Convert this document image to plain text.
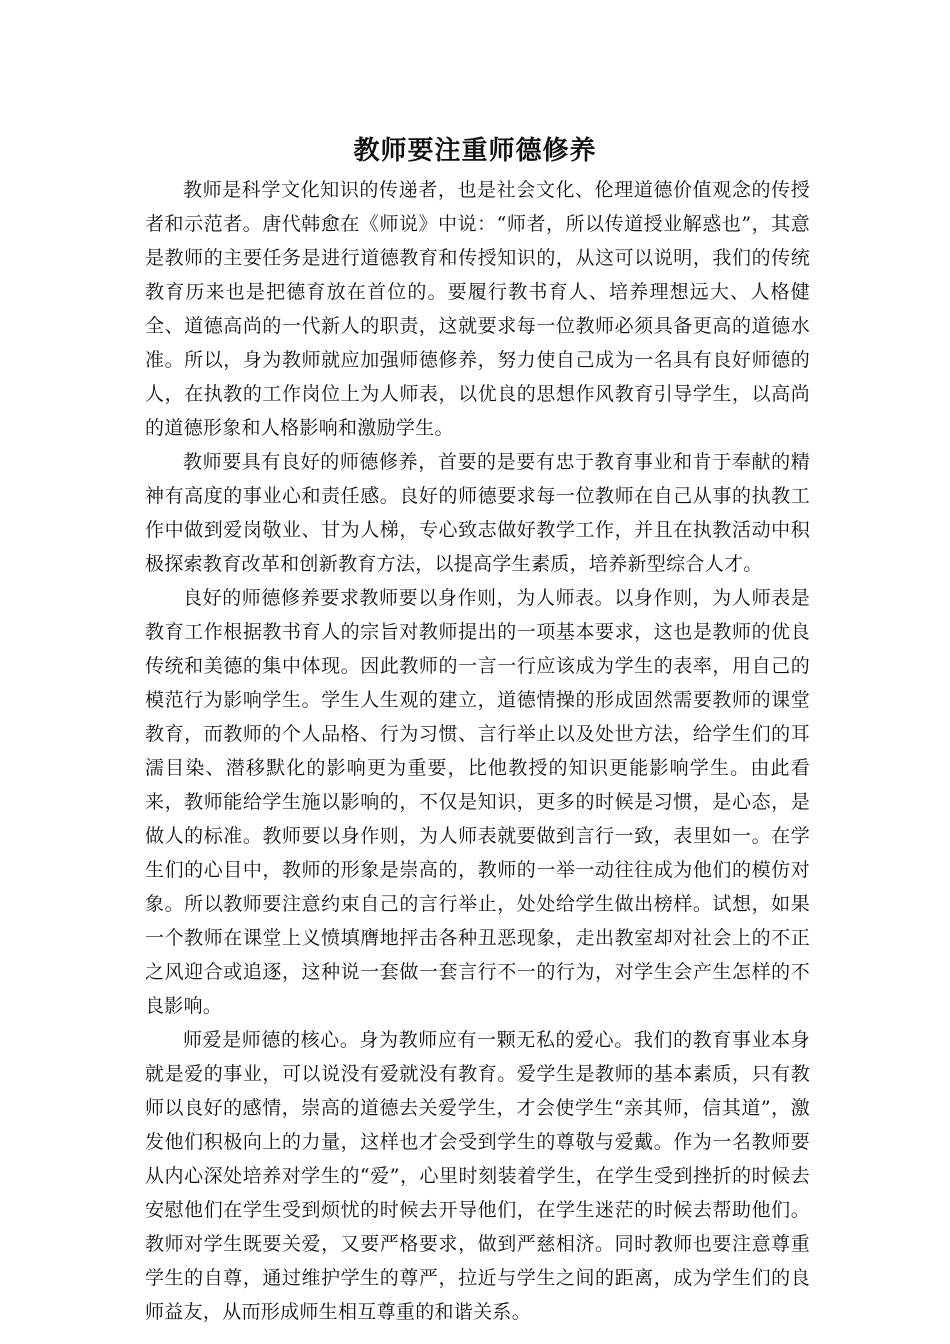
教师要注重师德修养

教师是科学文化知识的传递者，也是社会文化、伦理道德价值观念的传授者和示范者。唐代韩愈在《师说》中说：“师者，所以传道授业解惑也”，其意是教师的主要任务是进行道德教育和传授知识的，从这可以说明，我们的传统教育历来也是把德育放在首位的。要履行教书育人、培养理想远大、人格健全、道德高尚的一代新人的职责，这就要求每一位教师必须具备更高的道德水准。所以，身为教师就应加强师德修养，努力使自己成为一名具有良好师德的人，在执教的工作岗位上为人师表，以优良的思想作风教育引导学生，以高尚的道德形象和人格影响和激励学生。

教师要具有良好的师德修养，首要的是要有忠于教育事业和肯于奉献的精神有高度的事业心和责任感。良好的师德要求每一位教师在自己从事的执教工作中做到爱岗敬业、甘为人梯，专心致志做好教学工作，并且在执教活动中积极探索教育改革和创新教育方法，以提高学生素质，培养新型综合人才。

良好的师德修养要求教师要以身作则，为人师表。以身作则，为人师表是教育工作根据教书育人的宗旨对教师提出的一项基本要求，这也是教师的优良传统和美德的集中体现。因此教师的一言一行应该成为学生的表率，用自己的模范行为影响学生。学生人生观的建立，道德情操的形成固然需要教师的课堂教育，而教师的个人品格、行为习惯、言行举止以及处世方法，给学生们的耳濡目染、潜移默化的影响更为重要，比他教授的知识更能影响学生。由此看来，教师能给学生施以影响的，不仅是知识，更多的时候是习惯，是心态，是做人的标准。教师要以身作则，为人师表就要做到言行一致，表里如一。在学生们的心目中，教师的形象是崇高的，教师的一举一动往往成为他们的模仿对象。所以教师要注意约束自己的言行举止，处处给学生做出榜样。试想，如果一个教师在课堂上义愤填膺地抨击各种丑恶现象，走出教室却对社会上的不正之风迎合或追逐，这种说一套做一套言行不一的行为，对学生会产生怎样的不良影响。

师爱是师德的核心。身为教师应有一颗无私的爱心。我们的教育事业本身就是爱的事业，可以说没有爱就没有教育。爱学生是教师的基本素质，只有教师以良好的感情，崇高的道德去关爱学生，才会使学生“亲其师，信其道”，激发他们积极向上的力量，这样也才会受到学生的尊敬与爱戴。作为一名教师要从内心深处培养对学生的“爱”，心里时刻装着学生，在学生受到挫折的时候去安慰他们在学生受到烦忧的时候去开导他们，在学生迷茫的时候去帮助他们。教师对学生既要关爱，又要严格要求，做到严慈相济。同时教师也要注意尊重学生的自尊，通过维护学生的尊严，拉近与学生之间的距离，成为学生们的良师益友，从而形成师生相互尊重的和谐关系。
